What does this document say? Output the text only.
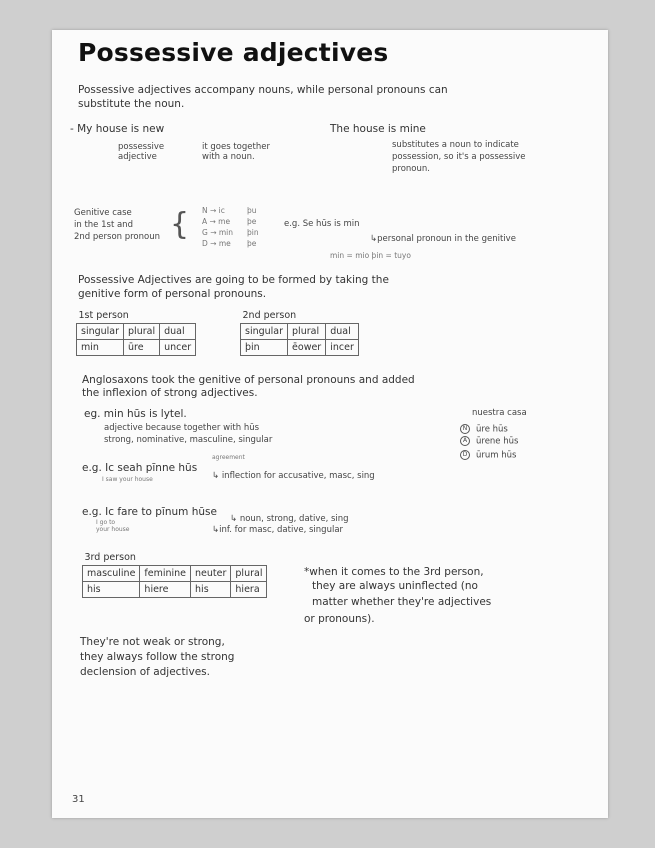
Possessive adjectives
Possessive adjectives accompany nouns, while personal pronouns can
substitute the noun.
- My house is new	The house is mine
possessive
adjective
it goes together
with a noun.
substitutes a noun to indicate
possession, so it's a possessive
pronoun.
Genitive case
in the 1st and
2nd person pronoun { N → ic	þu
A → me þe
G → min þin
D → me þe
e.g. Se hūs is min
↳personal pronoun in the genitive
min = mio þin = tuyo
Possessive Adjectives are going to be formed by taking the
genitive form of personal pronouns.
1st person		
singular	plural	dual
min	ūre	uncer
2nd person		
singular	plural	dual
þin	ēower	incer
Anglosaxons took the genitive of personal pronouns and added
the inflexion of strong adjectives.
eg. min hūs is lytel.
adjective because together with hūs
strong, nominative, masculine, singular
nuestra casa
N ūre hūs
A ūrene hūs
D ūrum hūs
agreement
e.g. Ic seah pīnne hūs
I saw your house	↳ inflection for accusative, masc, sing
e.g. Ic fare to pīnum hūse
I go to
your house
↳ noun, strong, dative, sing
↳inf. for masc, dative, singular
3rd person			
masculine	feminine	neuter	plural
his	hiere	his	hiera
*when it comes to the 3rd person,
they are always uninflected (no
matter whether they're adjectives
or pronouns).
They're not weak or strong,
they always follow the strong
declension of adjectives.
31
